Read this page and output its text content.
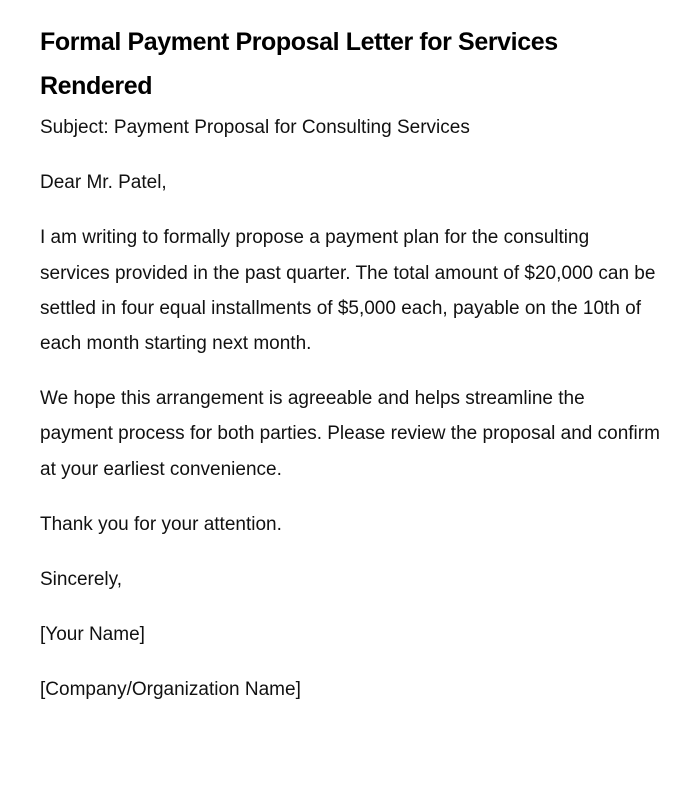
Formal Payment Proposal Letter for Services Rendered

Subject: Payment Proposal for Consulting Services

Dear Mr. Patel,

I am writing to formally propose a payment plan for the consulting services provided in the past quarter. The total amount of $20,000 can be settled in four equal installments of $5,000 each, payable on the 10th of each month starting next month.

We hope this arrangement is agreeable and helps streamline the payment process for both parties. Please review the proposal and confirm at your earliest convenience.

Thank you for your attention.

Sincerely,

[Your Name]

[Company/Organization Name]
